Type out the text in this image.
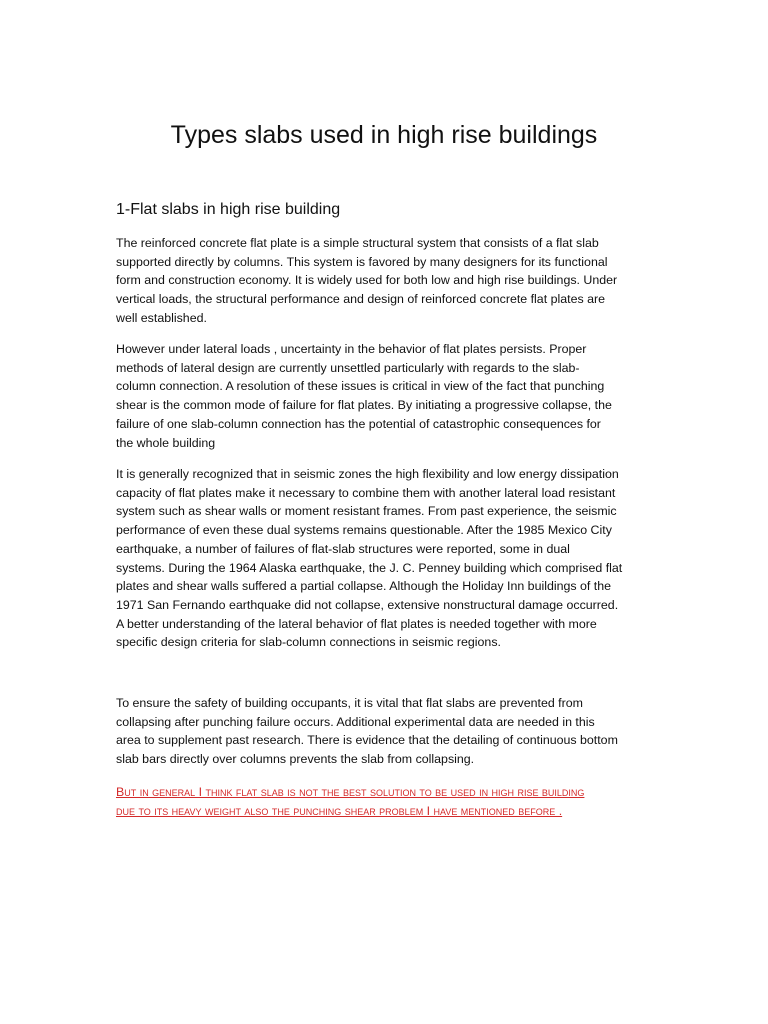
Types slabs used in high rise buildings
1-Flat slabs in high rise building

The reinforced concrete flat plate is a simple structural system that consists of a flat slab
supported directly by columns. This system is favored by many designers for its functional
form and construction economy. It is widely used for both low and high rise buildings. Under
vertical loads, the structural performance and design of reinforced concrete flat plates are
well established.

However under lateral loads , uncertainty in the behavior of flat plates persists. Proper
methods of lateral design are currently unsettled particularly with regards to the slab-
column connection. A resolution of these issues is critical in view of the fact that punching
shear is the common mode of failure for flat plates. By initiating a progressive collapse, the
failure of one slab-column connection has the potential of catastrophic consequences for
the whole building

It is generally recognized that in seismic zones the high flexibility and low energy dissipation
capacity of flat plates make it necessary to combine them with another lateral load resistant
system such as shear walls or moment resistant frames. From past experience, the seismic
performance of even these dual systems remains questionable. After the 1985 Mexico City
earthquake, a number of failures of flat-slab structures were reported, some in dual
systems. During the 1964 Alaska earthquake, the J. C. Penney building which comprised flat
plates and shear walls suffered a partial collapse. Although the Holiday Inn buildings of the
1971 San Fernando earthquake did not collapse, extensive nonstructural damage occurred.
A better understanding of the lateral behavior of flat plates is needed together with more
specific design criteria for slab-column connections in seismic regions.

To ensure the safety of building occupants, it is vital that flat slabs are prevented from
collapsing after punching failure occurs. Additional experimental data are needed in this
area to supplement past research. There is evidence that the detailing of continuous bottom
slab bars directly over columns prevents the slab from collapsing.

But in general I think flat slab is not the best solution to be used in high rise building
due to its heavy weight also the punching shear problem I have mentioned before .
